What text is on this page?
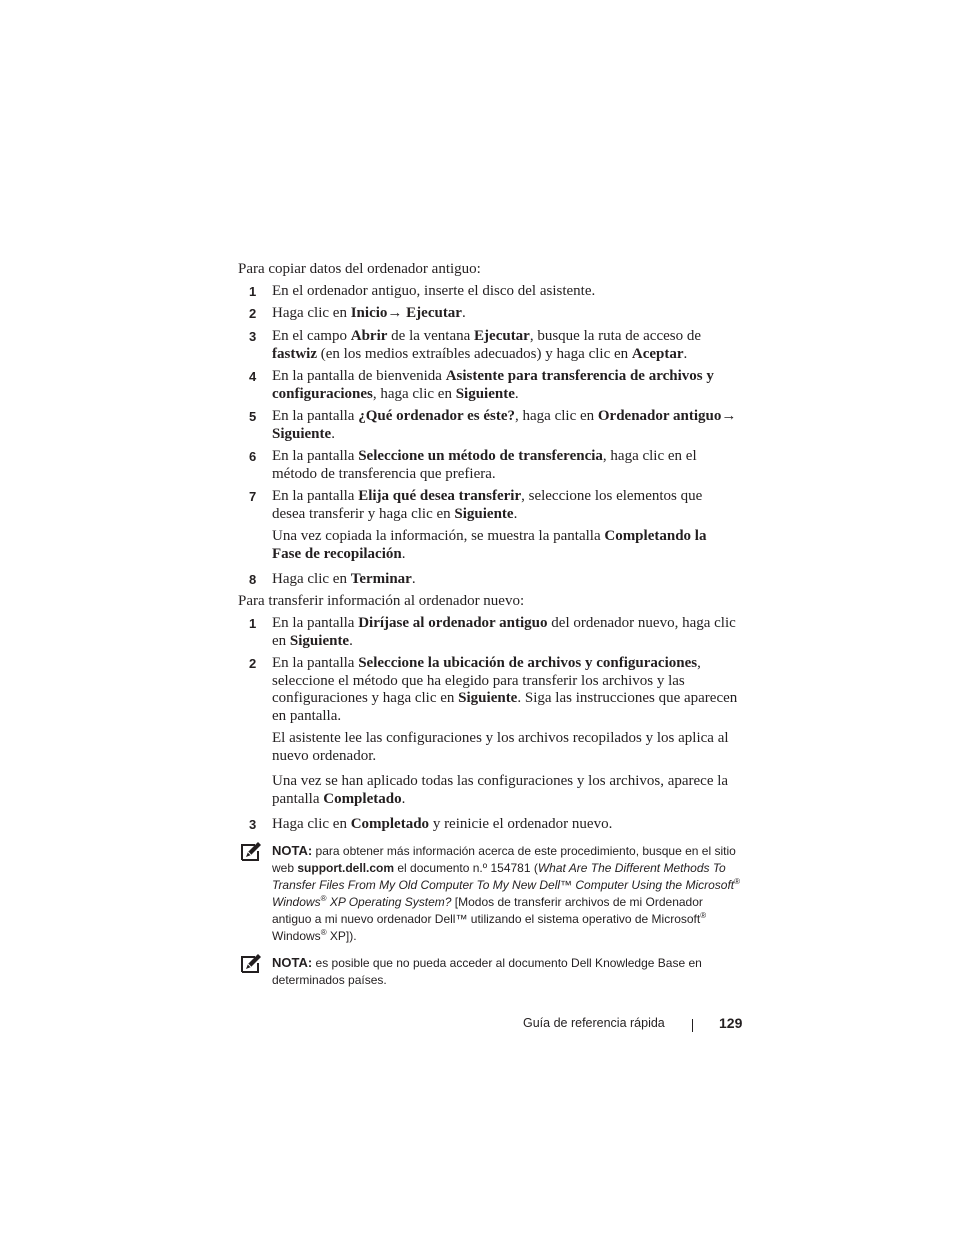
Para copiar datos del ordenador antiguo:
1 En el ordenador antiguo, inserte el disco del asistente.
2 Haga clic en Inicio→ Ejecutar.
3 En el campo Abrir de la ventana Ejecutar, busque la ruta de acceso de fastwiz (en los medios extraíbles adecuados) y haga clic en Aceptar.
4 En la pantalla de bienvenida Asistente para transferencia de archivos y configuraciones, haga clic en Siguiente.
5 En la pantalla ¿Qué ordenador es éste?, haga clic en Ordenador antiguo→ Siguiente.
6 En la pantalla Seleccione un método de transferencia, haga clic en el método de transferencia que prefiera.
7 En la pantalla Elija qué desea transferir, seleccione los elementos que desea transferir y haga clic en Siguiente.
Una vez copiada la información, se muestra la pantalla Completando la Fase de recopilación.
8 Haga clic en Terminar.
Para transferir información al ordenador nuevo:
1 En la pantalla Diríjase al ordenador antiguo del ordenador nuevo, haga clic en Siguiente.
2 En la pantalla Seleccione la ubicación de archivos y configuraciones, seleccione el método que ha elegido para transferir los archivos y las configuraciones y haga clic en Siguiente. Siga las instrucciones que aparecen en pantalla.
El asistente lee las configuraciones y los archivos recopilados y los aplica al nuevo ordenador.
Una vez se han aplicado todas las configuraciones y los archivos, aparece la pantalla Completado.
3 Haga clic en Completado y reinicie el ordenador nuevo.
NOTA: para obtener más información acerca de este procedimiento, busque en el sitio web support.dell.com el documento n.º 154781 (What Are The Different Methods To Transfer Files From My Old Computer To My New Dell™ Computer Using the Microsoft® Windows® XP Operating System? [Modos de transferir archivos de mi Ordenador antiguo a mi nuevo ordenador Dell™ utilizando el sistema operativo de Microsoft® Windows® XP]).
NOTA: es posible que no pueda acceder al documento Dell Knowledge Base en determinados países.
Guía de referencia rápida	129
